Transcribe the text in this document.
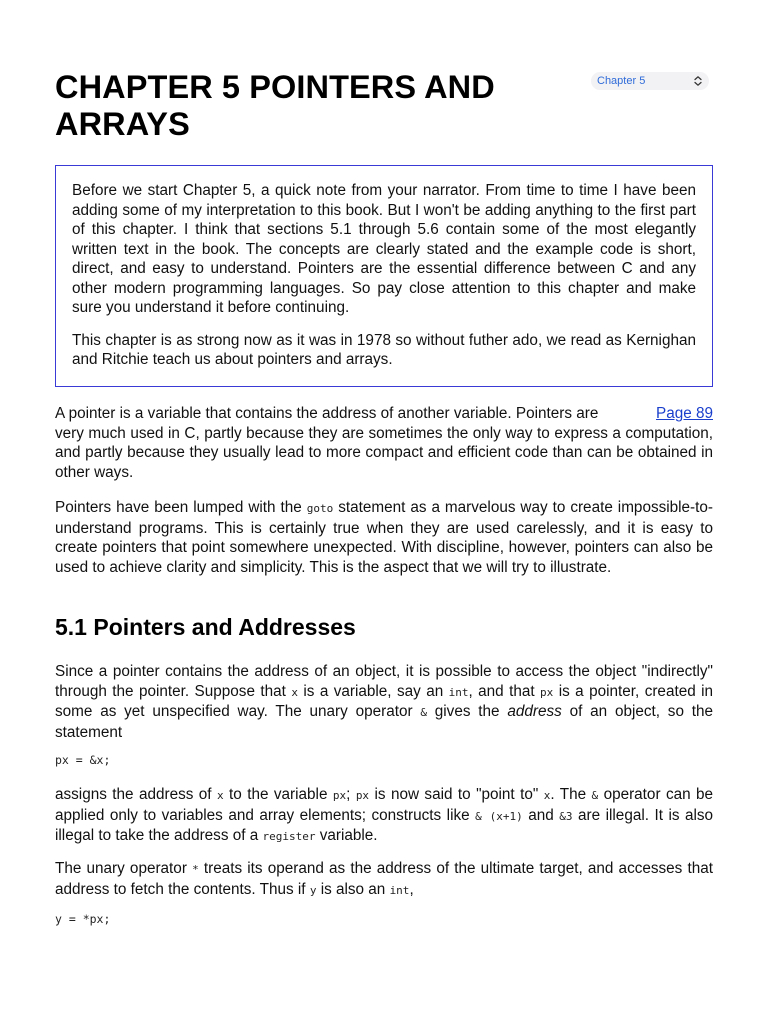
CHAPTER 5 POINTERS AND ARRAYS
Chapter 5

Before we start Chapter 5, a quick note from your narrator. From time to time I have been adding some of my interpretation to this book. But I won't be adding anything to the first part of this chapter. I think that sections 5.1 through 5.6 contain some of the most elegantly written text in the book. The concepts are clearly stated and the example code is short, direct, and easy to understand. Pointers are the essential difference between C and any other modern programming languages. So pay close attention to this chapter and make sure you understand it before continuing.

This chapter is as strong now as it was in 1978 so without futher ado, we read as Kernighan and Ritchie teach us about pointers and arrays.

A pointer is a variable that contains the address of another variable. Pointers are	Page 89

very much used in C, partly because they are sometimes the only way to express a computation, and partly because they usually lead to more compact and efficient code than can be obtained in other ways.

Pointers have been lumped with the goto statement as a marvelous way to create impossible-to-understand programs. This is certainly true when they are used carelessly, and it is easy to create pointers that point somewhere unexpected. With discipline, however, pointers can also be used to achieve clarity and simplicity. This is the aspect that we will try to illustrate.

5.1 Pointers and Addresses

Since a pointer contains the address of an object, it is possible to access the object "indirectly" through the pointer. Suppose that x is a variable, say an int, and that px is a pointer, created in some as yet unspecified way. The unary operator & gives the address of an object, so the statement

px = &x;

assigns the address of x to the variable px; px is now said to "point to" x. The & operator can be applied only to variables and array elements; constructs like & (x+1) and &3 are illegal. It is also illegal to take the address of a register variable.

The unary operator * treats its operand as the address of the ultimate target, and accesses that address to fetch the contents. Thus if y is also an int,

y = *px;
